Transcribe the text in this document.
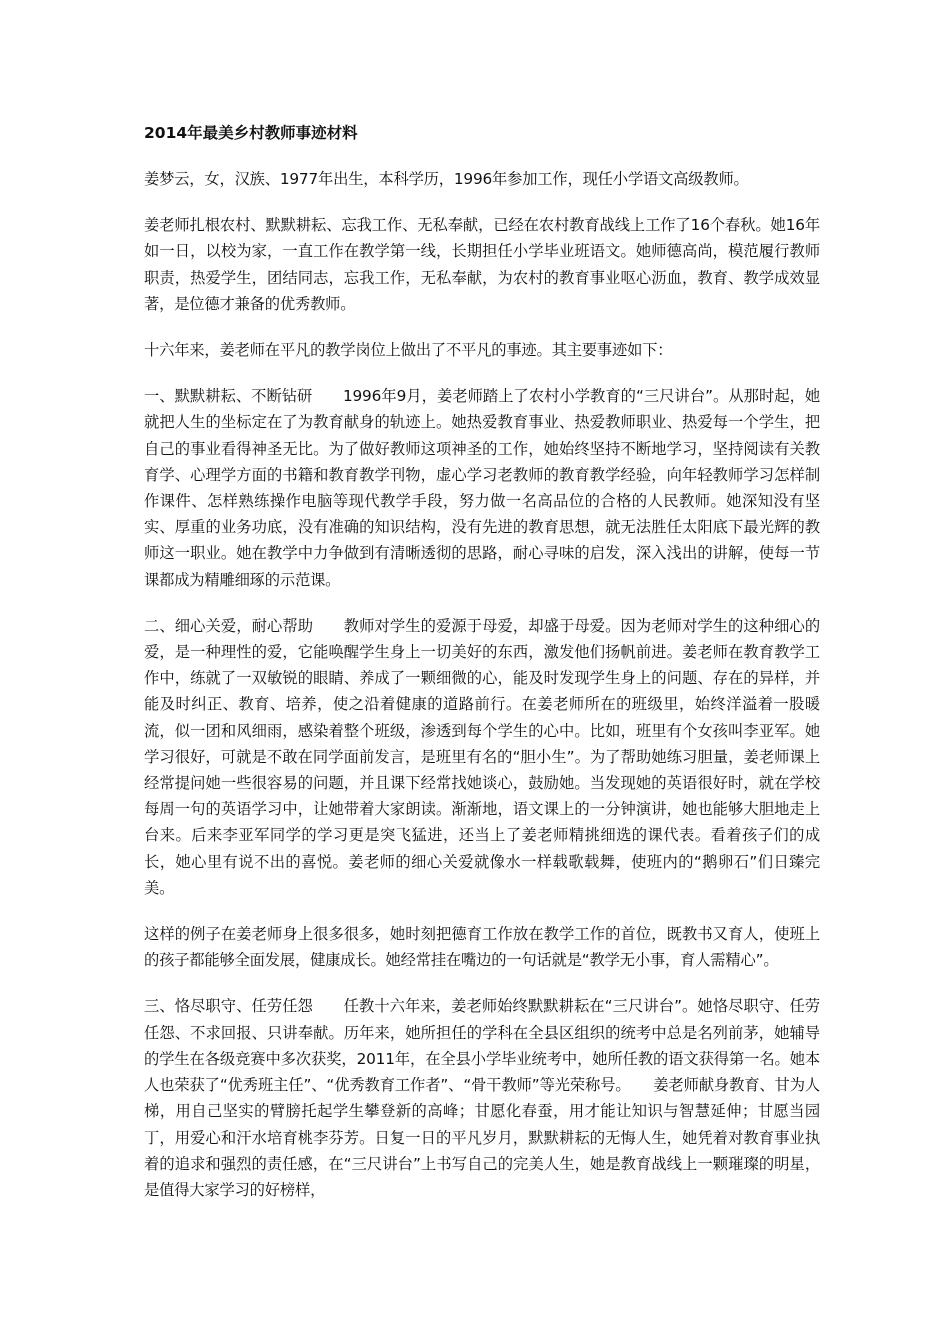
2014年最美乡村教师事迹材料

姜梦云，女，汉族、1977年出生，本科学历，1996年参加工作，现任小学语文高级教师。

姜老师扎根农村、默默耕耘、忘我工作、无私奉献，已经在农村教育战线上工作了16个春秋。她16年如一日，以校为家，一直工作在教学第一线，长期担任小学毕业班语文。她师德高尚，模范履行教师职责，热爱学生，团结同志，忘我工作，无私奉献，为农村的教育事业呕心沥血，教育、教学成效显著，是位德才兼备的优秀教师。

十六年来，姜老师在平凡的教学岗位上做出了不平凡的事迹。其主要事迹如下：

一、默默耕耘、不断钻研　　1996年9月，姜老师踏上了农村小学教育的“三尺讲台”。从那时起，她就把人生的坐标定在了为教育献身的轨迹上。她热爱教育事业、热爱教师职业、热爱每一个学生，把自己的事业看得神圣无比。为了做好教师这项神圣的工作，她始终坚持不断地学习，坚持阅读有关教育学、心理学方面的书籍和教育教学刊物，虚心学习老教师的教育教学经验，向年轻教师学习怎样制作课件、怎样熟练操作电脑等现代教学手段，努力做一名高品位的合格的人民教师。她深知没有坚实、厚重的业务功底，没有准确的知识结构，没有先进的教育思想，就无法胜任太阳底下最光辉的教师这一职业。她在教学中力争做到有清晰透彻的思路，耐心寻味的启发，深入浅出的讲解，使每一节课都成为精雕细琢的示范课。

二、细心关爱，耐心帮助　　教师对学生的爱源于母爱，却盛于母爱。因为老师对学生的这种细心的爱，是一种理性的爱，它能唤醒学生身上一切美好的东西，激发他们扬帆前进。姜老师在教育教学工作中，练就了一双敏锐的眼睛、养成了一颗细微的心，能及时发现学生身上的问题、存在的异样，并能及时纠正、教育、培养，使之沿着健康的道路前行。在姜老师所在的班级里，始终洋溢着一股暖流，似一团和风细雨，感染着整个班级，渗透到每个学生的心中。比如，班里有个女孩叫李亚军。她学习很好，可就是不敢在同学面前发言，是班里有名的“胆小生”。为了帮助她练习胆量，姜老师课上经常提问她一些很容易的问题，并且课下经常找她谈心，鼓励她。当发现她的英语很好时，就在学校每周一句的英语学习中，让她带着大家朗读。渐渐地，语文课上的一分钟演讲，她也能够大胆地走上台来。后来李亚军同学的学习更是突飞猛进，还当上了姜老师精挑细选的课代表。看着孩子们的成长，她心里有说不出的喜悦。姜老师的细心关爱就像水一样载歌载舞，使班内的“鹅卵石”们日臻完美。

这样的例子在姜老师身上很多很多，她时刻把德育工作放在教学工作的首位，既教书又育人，使班上的孩子都能够全面发展，健康成长。她经常挂在嘴边的一句话就是“教学无小事，育人需精心”。

三、恪尽职守、任劳任怨　　任教十六年来，姜老师始终默默耕耘在“三尺讲台”。她恪尽职守、任劳任怨、不求回报、只讲奉献。历年来，她所担任的学科在全县区组织的统考中总是名列前茅，她辅导的学生在各级竞赛中多次获奖，2011年，在全县小学毕业统考中，她所任教的语文获得第一名。她本人也荣获了“优秀班主任”、“优秀教育工作者”、“骨干教师”等光荣称号。　　姜老师献身教育、甘为人梯，用自己坚实的臂膀托起学生攀登新的高峰；甘愿化春蚕，用才能让知识与智慧延伸；甘愿当园丁，用爱心和汗水培育桃李芬芳。日复一日的平凡岁月，默默耕耘的无悔人生，她凭着对教育事业执着的追求和强烈的责任感，在“三尺讲台”上书写自己的完美人生，她是教育战线上一颗璀璨的明星，是值得大家学习的好榜样，
